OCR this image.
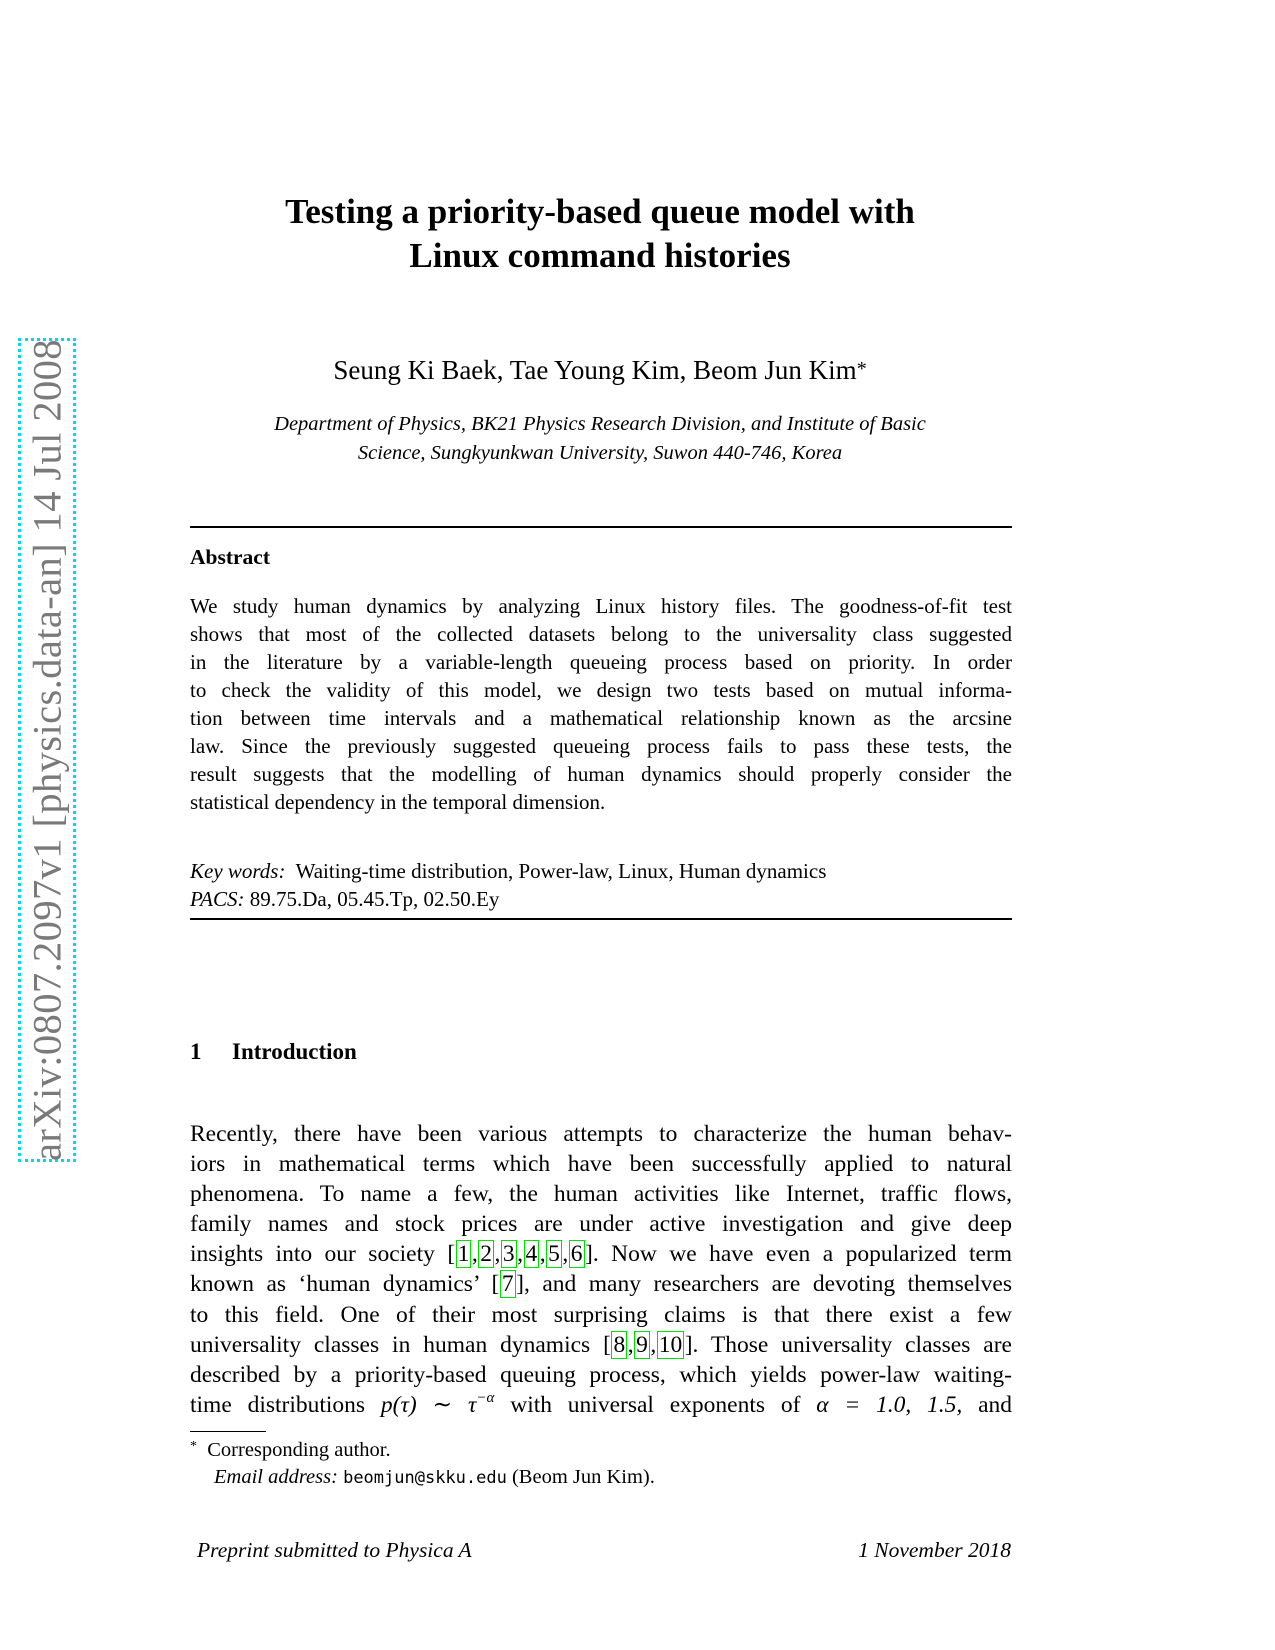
arXiv:0807.2097v1 [physics.data-an] 14 Jul 2008
Testing a priority-based queue model with
Linux command histories
Seung Ki Baek, Tae Young Kim, Beom Jun Kim*
Department of Physics, BK21 Physics Research Division, and Institute of Basic
Science, Sungkyunkwan University, Suwon 440-746, Korea
Abstract
We study human dynamics by analyzing Linux history files. The goodness-of-fit test
shows that most of the collected datasets belong to the universality class suggested
in the literature by a variable-length queueing process based on priority. In order
to check the validity of this model, we design two tests based on mutual informa-
tion between time intervals and a mathematical relationship known as the arcsine
law. Since the previously suggested queueing process fails to pass these tests, the
result suggests that the modelling of human dynamics should properly consider the
statistical dependency in the temporal dimension.
Key words: Waiting-time distribution, Power-law, Linux, Human dynamics
PACS: 89.75.Da, 05.45.Tp, 02.50.Ey
1 Introduction
Recently, there have been various attempts to characterize the human behav-
iors in mathematical terms which have been successfully applied to natural
phenomena. To name a few, the human activities like Internet, traffic flows,
family names and stock prices are under active investigation and give deep
insights into our society [ 1 , 2 , 3 , 4 , 5 , 6 ]. Now we have even a popularized term
known as ‘human dynamics’ [ 7 ], and many researchers are devoting themselves
to this field. One of their most surprising claims is that there exist a few
universality classes in human dynamics [ 8 , 9 , 10 ]. Those universality classes are
described by a priority-based queuing process, which yields power-law waiting-
time distributions p(τ) ∼ $\tau^{-\alpha}$ with universal exponents of α = 1.0, 1.5, and
* Corresponding author.
Email address: beomjun@skku.edu (Beom Jun Kim).
Preprint submitted to Physica A	1 November 2018
